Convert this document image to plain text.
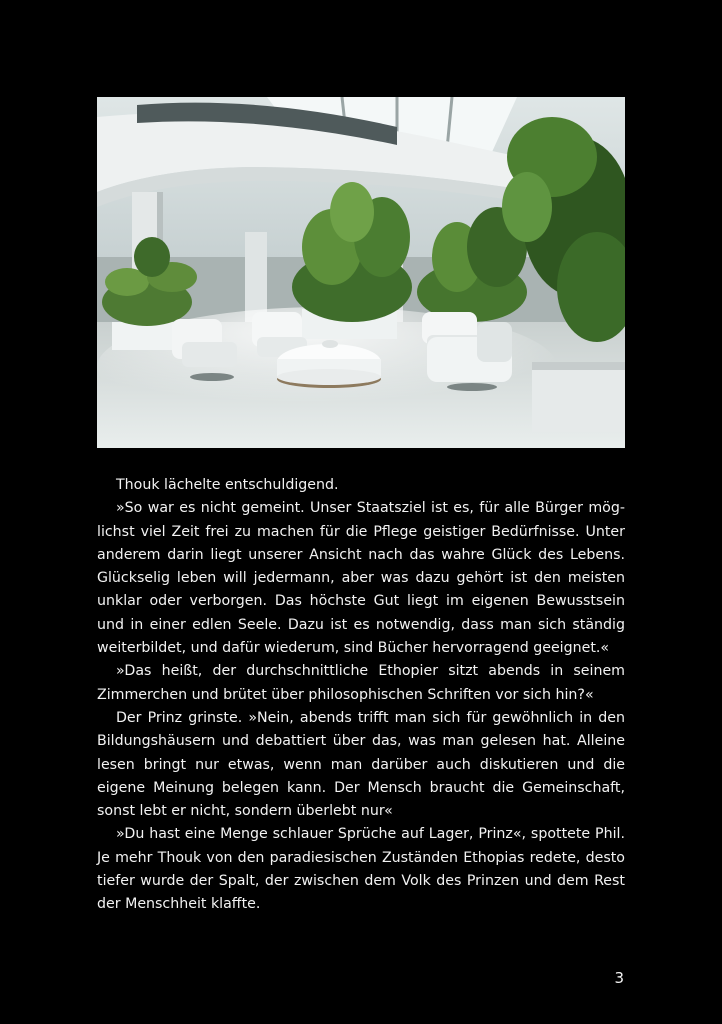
Thouk lächelte entschuldigend.

»So war es nicht gemeint. Unser Staatsziel ist es, für alle Bürger möglichst viel Zeit frei zu machen für die Pflege geistiger Bedürfnisse. Unter anderem darin liegt unserer Ansicht nach das wahre Glück des Lebens. Glückselig leben will jedermann, aber was dazu gehört ist den meisten unklar oder verborgen. Das höchste Gut liegt im eigenen Bewusstsein und in einer edlen Seele. Dazu ist es notwendig, dass man sich ständig weiterbildet, und dafür wiederum, sind Bücher hervorragend geeignet.«

»Das heißt, der durchschnittliche Ethopier sitzt abends in seinem Zimmerchen und brütet über philosophischen Schriften vor sich hin?«

Der Prinz grinste. »Nein, abends trifft man sich für gewöhnlich in den Bildungshäusern und debattiert über das, was man gelesen hat. Alleine lesen bringt nur etwas, wenn man darüber auch diskutieren und die eigene Meinung belegen kann. Der Mensch braucht die Gemeinschaft, sonst lebt er nicht, sondern überlebt nur«

»Du hast eine Menge schlauer Sprüche auf Lager, Prinz«, spottete Phil. Je mehr Thouk von den paradiesischen Zuständen Ethopias redete, desto tiefer wurde der Spalt, der zwischen dem Volk des Prinzen und dem Rest der Menschheit klaffte.

3
